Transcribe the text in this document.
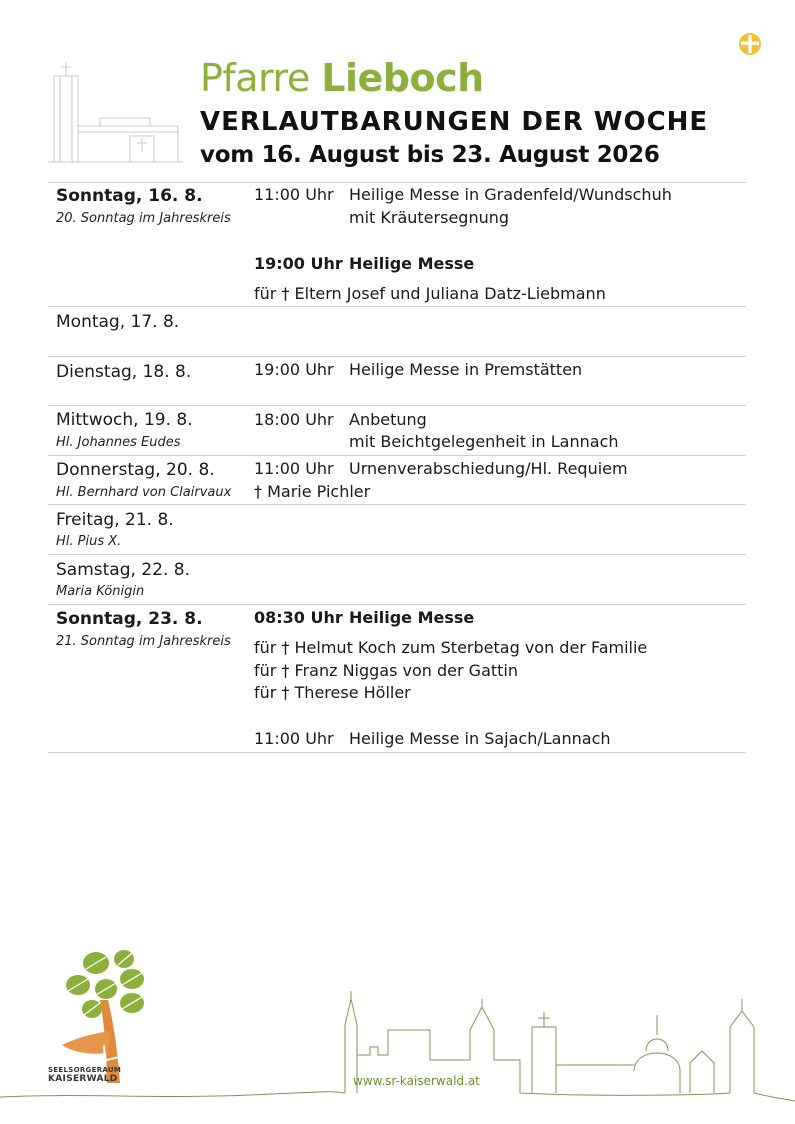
Pfarre Lieboch
VERLAUTBARUNGEN DER WOCHE
vom 16. August bis 23. August 2026
Sonntag, 16. 8.
20. Sonntag im Jahreskreis
11:00 Uhr Heilige Messe in Gradenfeld/Wundschuh
mit Kräutersegnung
19:00 Uhr Heilige Messe
für † Eltern Josef und Juliana Datz-Liebmann
Montag, 17. 8.
Dienstag, 18. 8.	19:00 Uhr Heilige Messe in Premstätten
Mittwoch, 19. 8.
Hl. Johannes Eudes
18:00 Uhr Anbetung
mit Beichtgelegenheit in Lannach
Donnerstag, 20. 8.
Hl. Bernhard von Clairvaux
11:00 Uhr Urnenverabschiedung/Hl. Requiem
† Marie Pichler
Freitag, 21. 8.
Hl. Pius X.
Samstag, 22. 8.
Maria Königin
Sonntag, 23. 8.
21. Sonntag im Jahreskreis
08:30 Uhr Heilige Messe
für † Helmut Koch zum Sterbetag von der Familie
für † Franz Niggas von der Gattin
für † Therese Höller
11:00 Uhr Heilige Messe in Sajach/Lannach
SEELSORGERAUM
KAISERWALD	www.sr-kaiserwald.at
